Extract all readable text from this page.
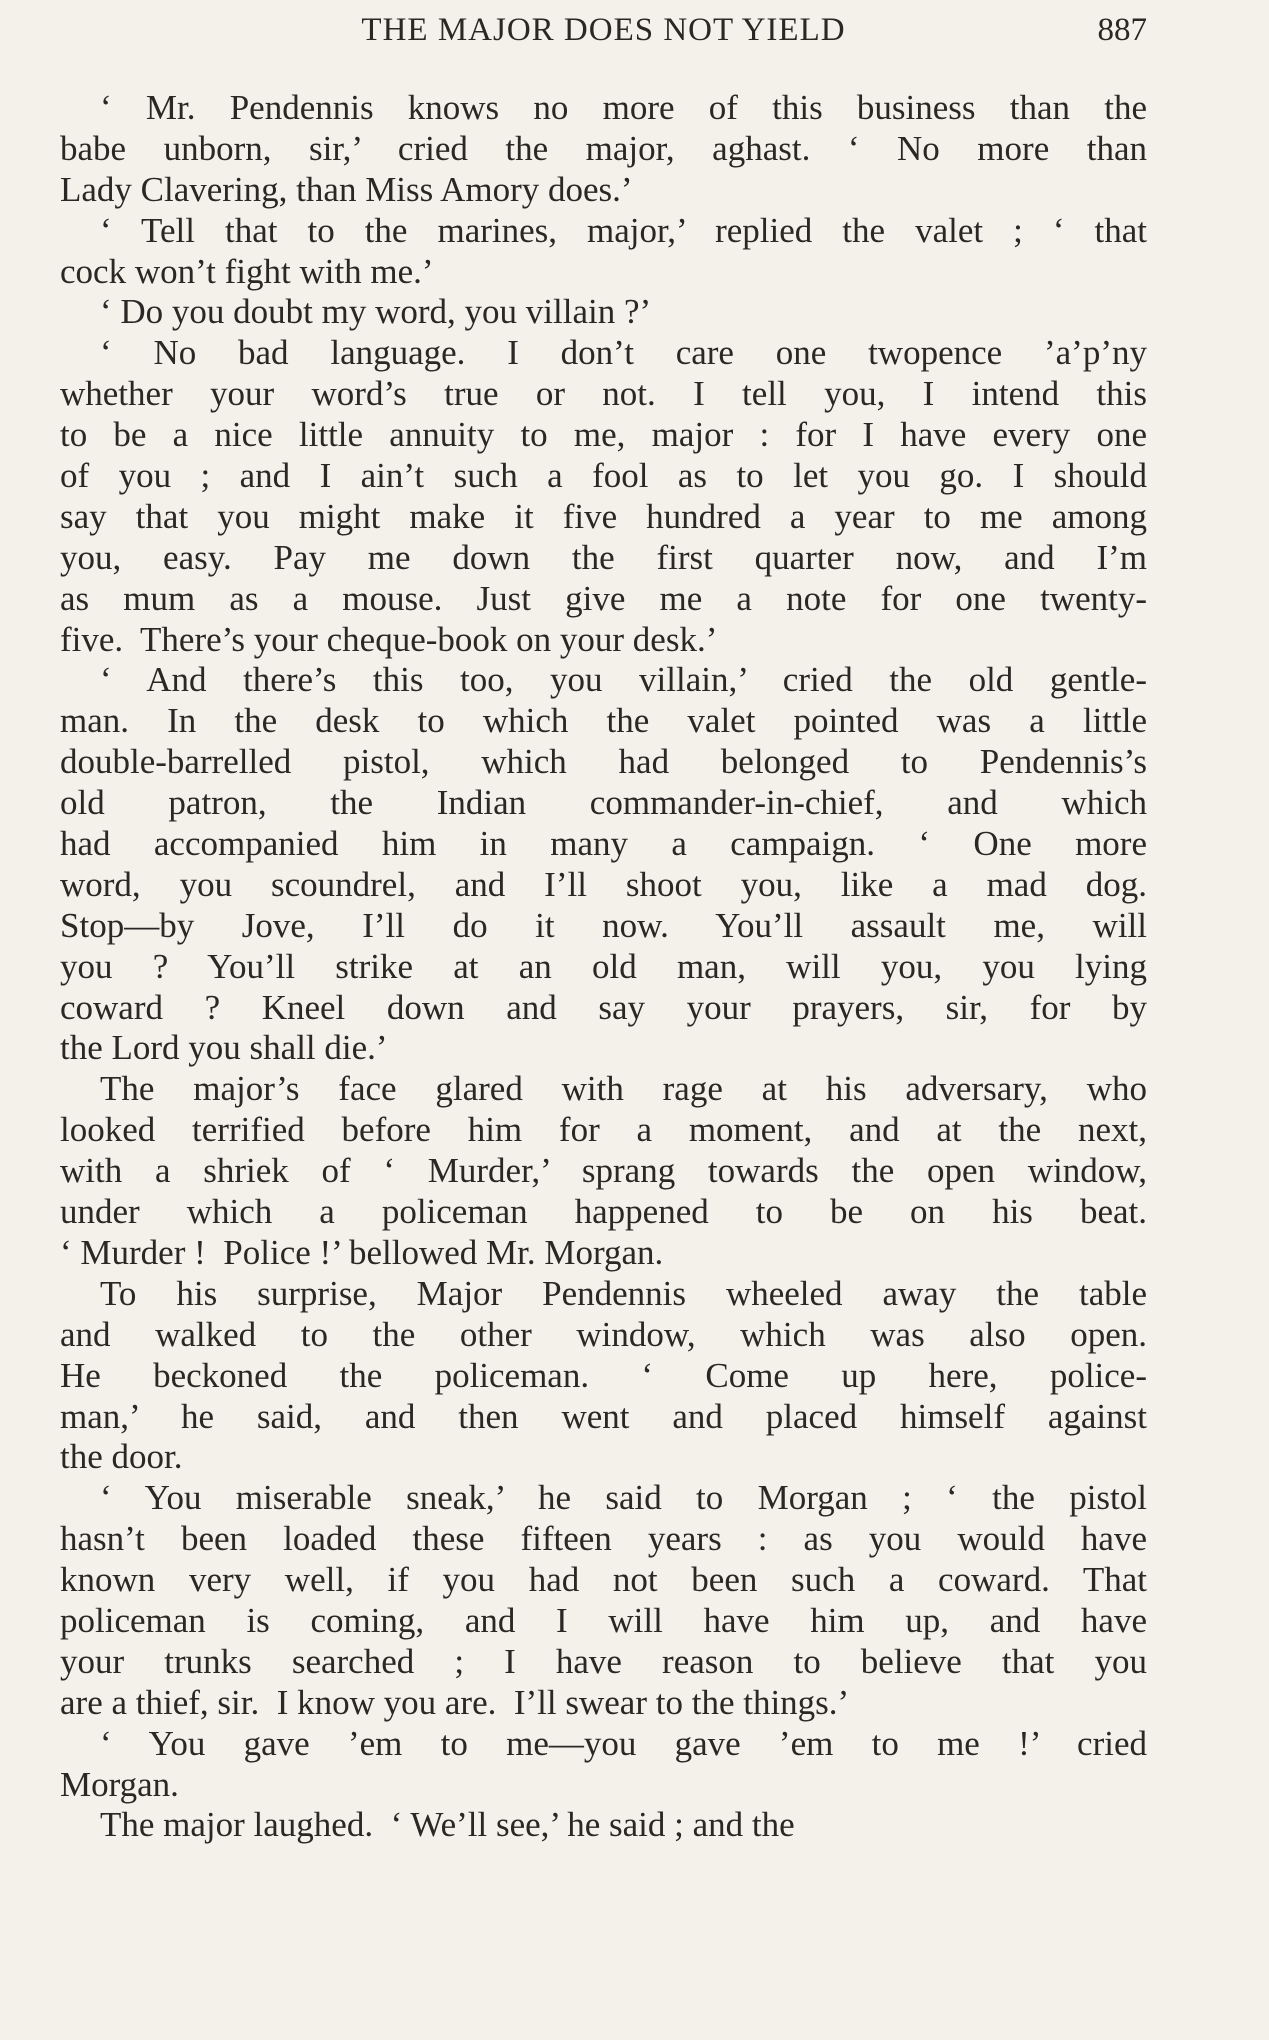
THE MAJOR DOES NOT YIELD	887
‘ Mr. Pendennis knows no more of this business than the
babe unborn, sir,’ cried the major, aghast. ‘ No more than
Lady Clavering, than Miss Amory does.’
‘ Tell that to the marines, major,’ replied the valet ; ‘ that
cock won’t fight with me.’
‘ Do you doubt my word, you villain ?’
‘ No bad language. I don’t care one twopence ’a’p’ny
whether your word’s true or not. I tell you, I intend this
to be a nice little annuity to me, major : for I have every one
of you ; and I ain’t such a fool as to let you go. I should
say that you might make it five hundred a year to me among
you, easy. Pay me down the first quarter now, and I’m
as mum as a mouse. Just give me a note for one twenty-
five.  There’s your cheque-book on your desk.’
‘ And there’s this too, you villain,’ cried the old gentle-
man. In the desk to which the valet pointed was a little
double-barrelled pistol, which had belonged to Pendennis’s
old patron, the Indian commander-in-chief, and which
had accompanied him in many a campaign. ‘ One more
word, you scoundrel, and I’ll shoot you, like a mad dog.
Stop—by Jove, I’ll do it now. You’ll assault me, will
you ? You’ll strike at an old man, will you, you lying
coward ? Kneel down and say your prayers, sir, for by
the Lord you shall die.’
The major’s face glared with rage at his adversary, who
looked terrified before him for a moment, and at the next,
with a shriek of ‘ Murder,’ sprang towards the open window,
under which a policeman happened to be on his beat.
‘ Murder !  Police !’ bellowed Mr. Morgan.
To his surprise, Major Pendennis wheeled away the table
and walked to the other window, which was also open.
He beckoned the policeman. ‘ Come up here, police-
man,’ he said, and then went and placed himself against
the door.
‘ You miserable sneak,’ he said to Morgan ; ‘ the pistol
hasn’t been loaded these fifteen years : as you would have
known very well, if you had not been such a coward. That
policeman is coming, and I will have him up, and have
your trunks searched ; I have reason to believe that you
are a thief, sir.  I know you are.  I’ll swear to the things.’
‘ You gave ’em to me—you gave ’em to me !’ cried
Morgan.
The major laughed.  ‘ We’ll see,’ he said ; and the
